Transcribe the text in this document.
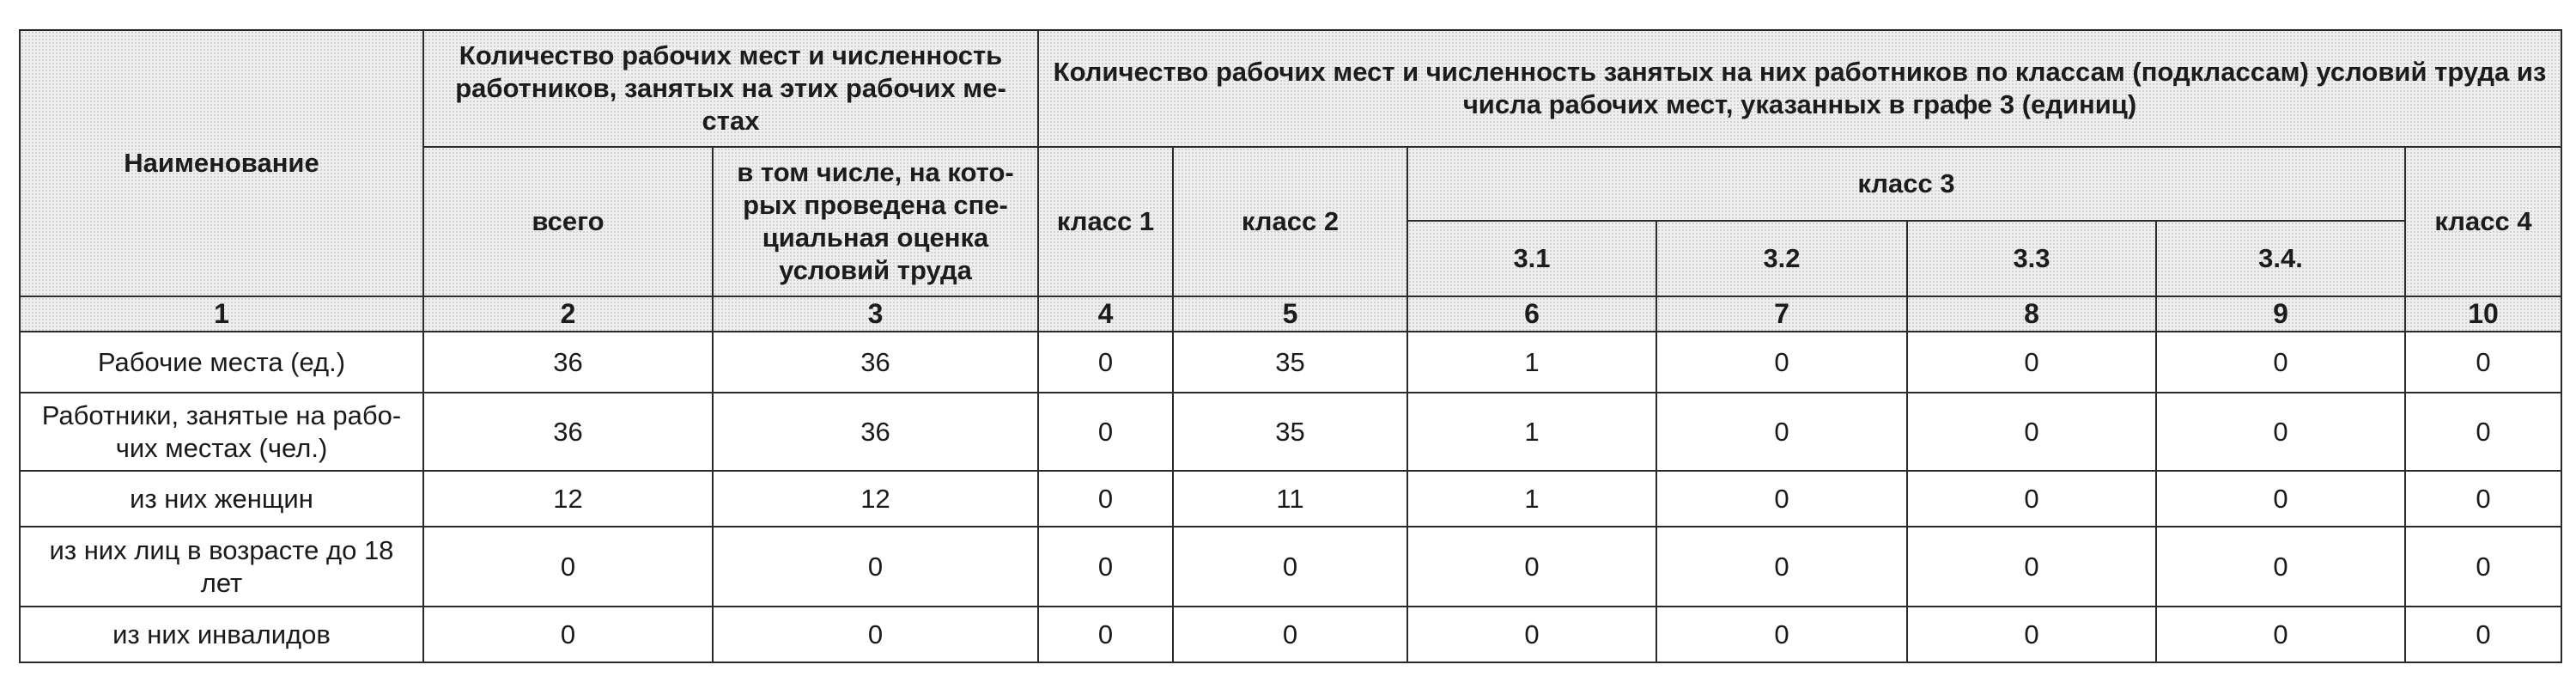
Наименование	Количество рабочих мест и численность работников, занятых на этих рабочих ме-стах		Количество рабочих мест и численность занятых на них работников по классам (подклассам) условий труда из числа рабочих мест, указанных в графе 3 (единиц)						
	всего	в том числе, на кото-рых проведена спе-циальная оценка условий труда	класс 1	класс 2	класс 3				класс 4
					3.1	3.2	3.3	3.4.	
1	2	3	4	5	6	7	8	9	10
Рабочие места (ед.)	36	36	0	35	1	0	0	0	0
Работники, занятые на рабо-чих местах (чел.)	36	36	0	35	1	0	0	0	0
из них женщин	12	12	0	11	1	0	0	0	0
из них лиц в возрасте до 18 лет	0	0	0	0	0	0	0	0	0
из них инвалидов	0	0	0	0	0	0	0	0	0
